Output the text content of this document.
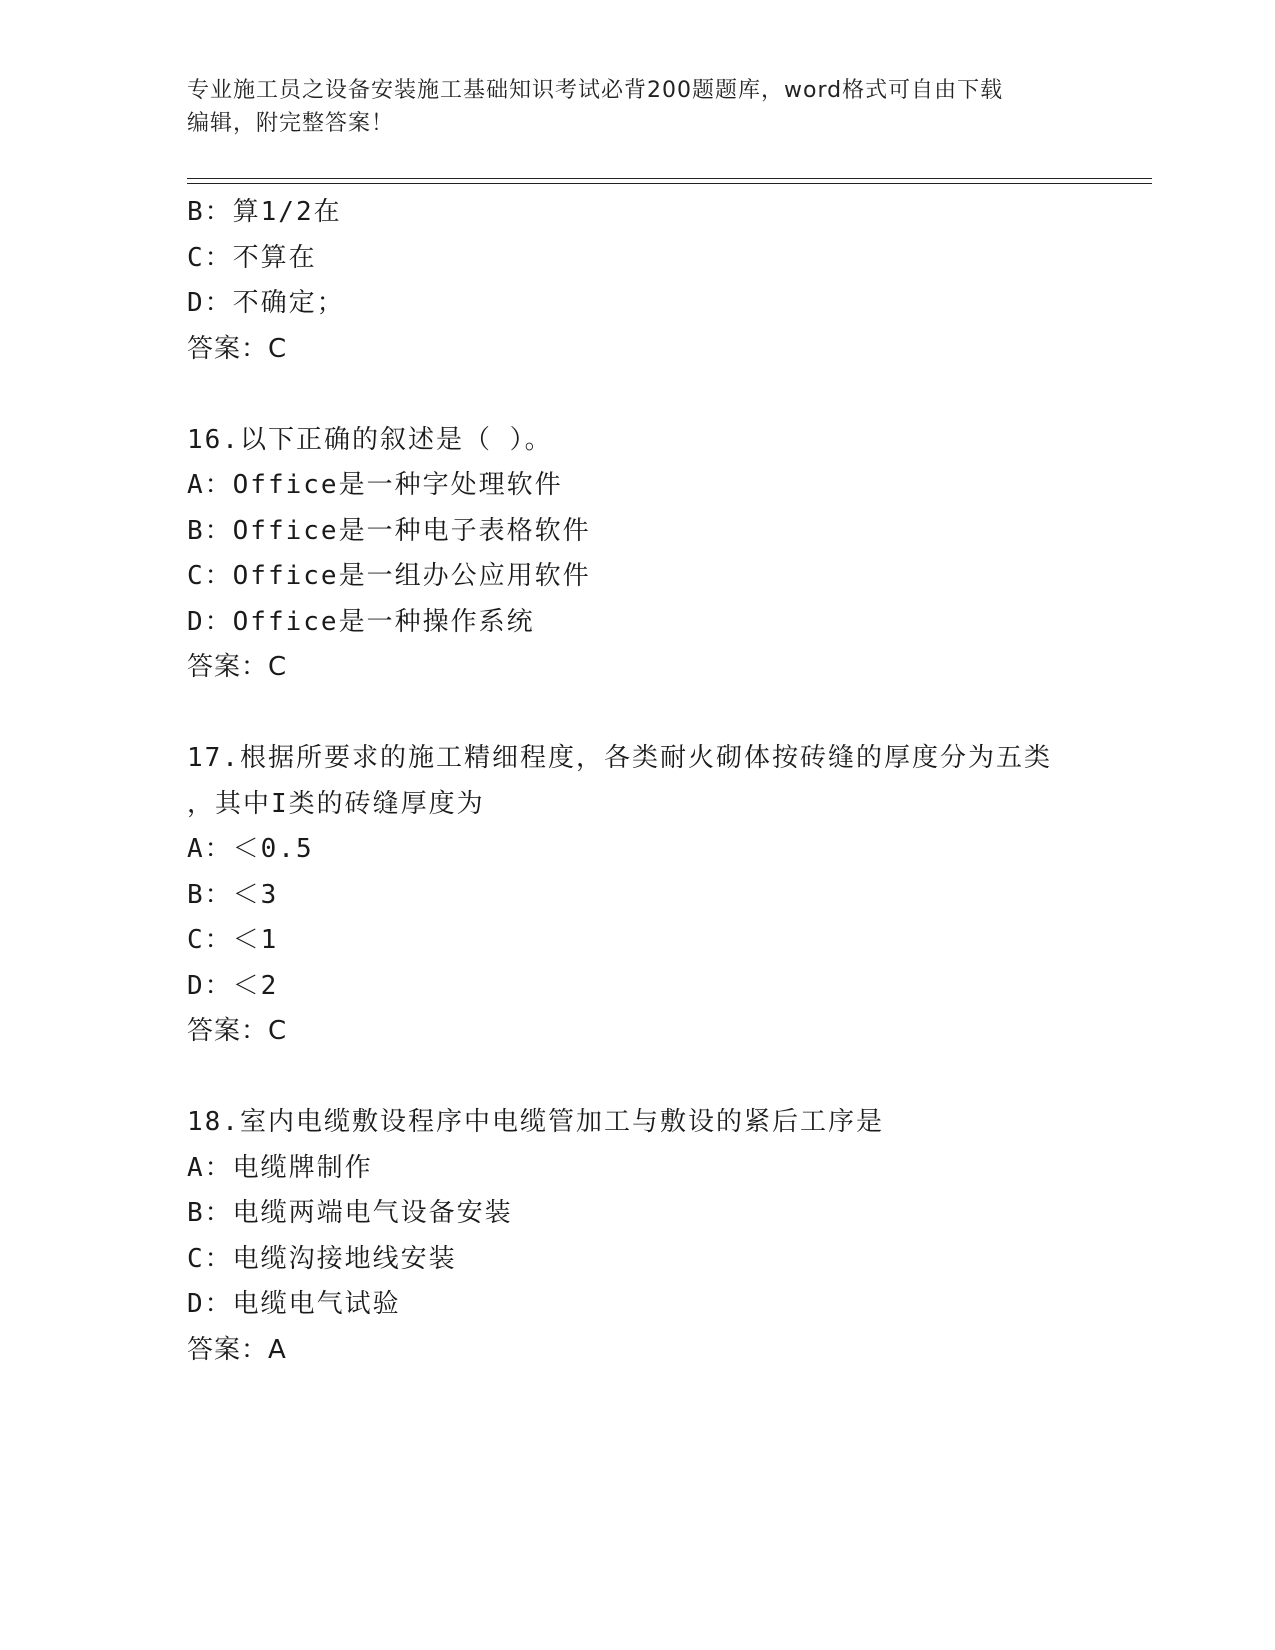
专业施工员之设备安装施工基础知识考试必背200题题库，word格式可自由下载
编辑，附完整答案！
B：算1/2在
C：不算在
D：不确定；
答案：C
16.以下正确的叙述是（ ）。
A：Office是一种字处理软件
B：Office是一种电子表格软件
C：Office是一组办公应用软件
D：Office是一种操作系统
答案：C
17.根据所要求的施工精细程度，各类耐火砌体按砖缝的厚度分为五类
，其中I类的砖缝厚度为
A：＜0.5
B：＜3
C：＜1
D：＜2
答案：C
18.室内电缆敷设程序中电缆管加工与敷设的紧后工序是
A：电缆牌制作
B：电缆两端电气设备安装
C：电缆沟接地线安装
D：电缆电气试验
答案：A
